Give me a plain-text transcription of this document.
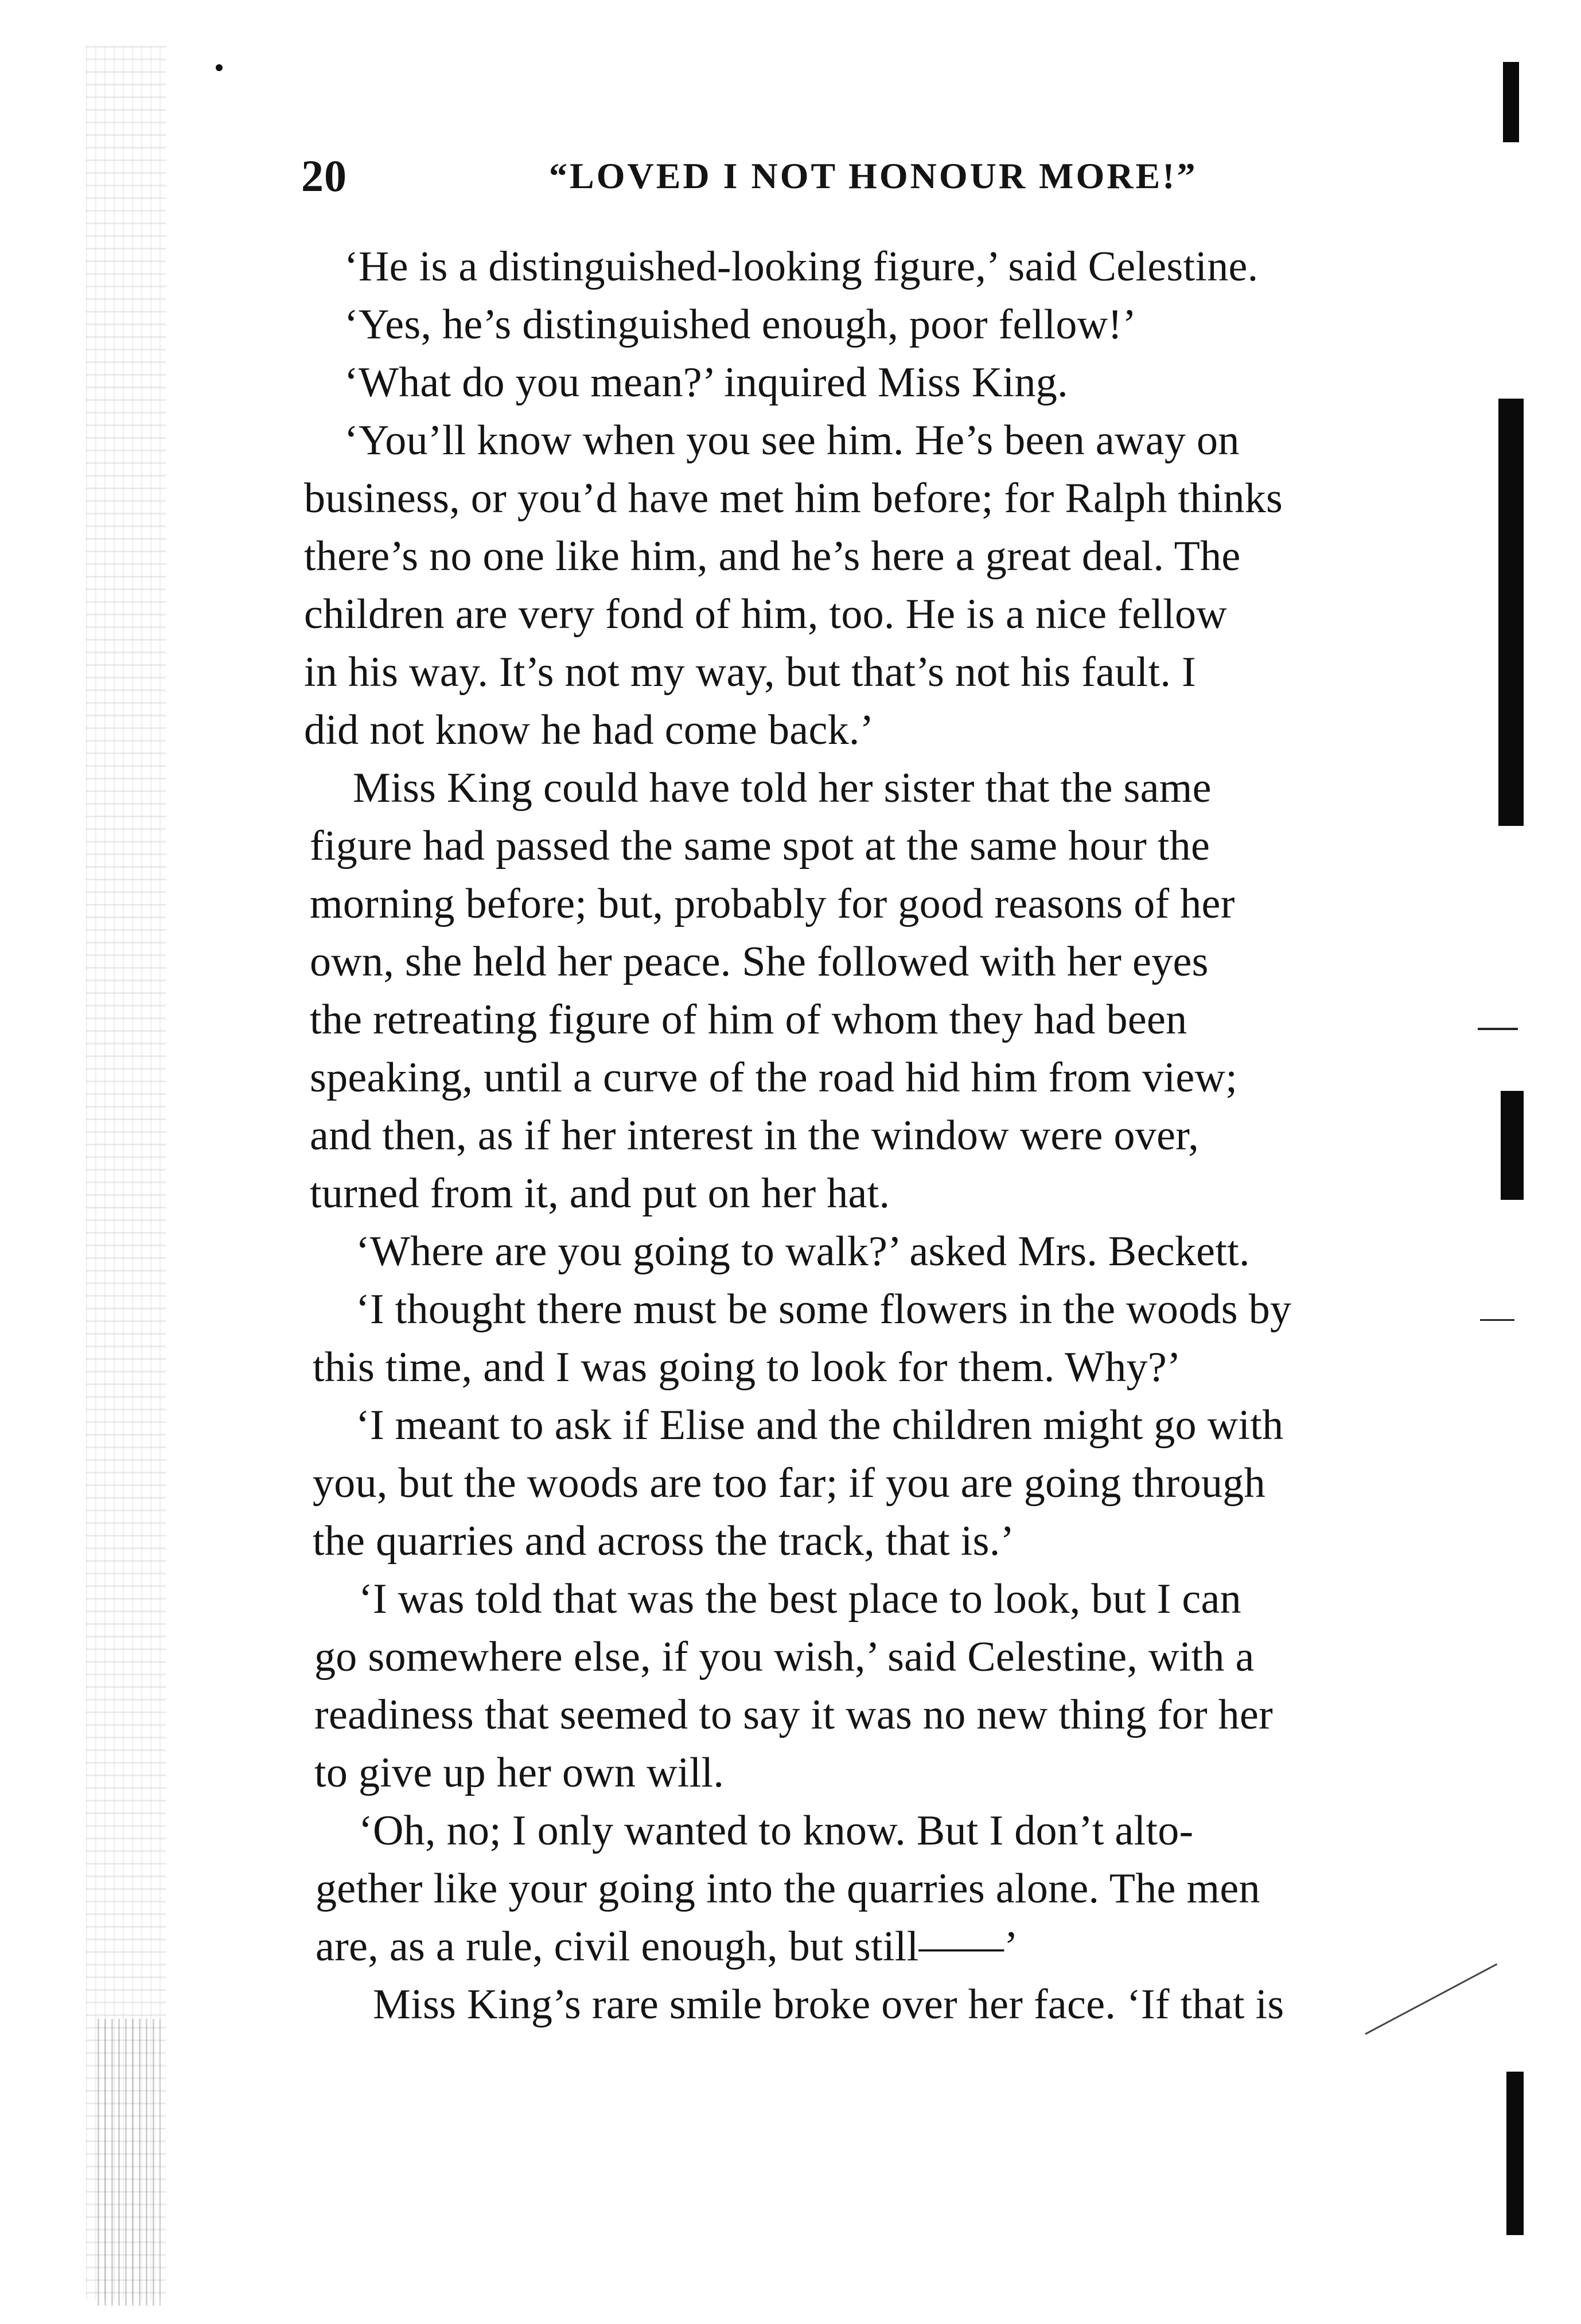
20	“LOVED I NOT HONOUR MORE!”
‘He is a distinguished-looking figure,’ said Celestine.
‘Yes, he’s distinguished enough, poor fellow!’
‘What do you mean?’ inquired Miss King.
‘You’ll know when you see him. He’s been away on
business, or you’d have met him before; for Ralph thinks
there’s no one like him, and he’s here a great deal. The
children are very fond of him, too. He is a nice fellow
in his way. It’s not my way, but that’s not his fault. I
did not know he had come back.’
Miss King could have told her sister that the same
figure had passed the same spot at the same hour the
morning before; but, probably for good reasons of her
own, she held her peace. She followed with her eyes
the retreating figure of him of whom they had been
speaking, until a curve of the road hid him from view;
and then, as if her interest in the window were over,
turned from it, and put on her hat.
‘Where are you going to walk?’ asked Mrs. Beckett.
‘I thought there must be some flowers in the woods by
this time, and I was going to look for them. Why?’
‘I meant to ask if Elise and the children might go with
you, but the woods are too far; if you are going through
the quarries and across the track, that is.’
‘I was told that was the best place to look, but I can
go somewhere else, if you wish,’ said Celestine, with a
readiness that seemed to say it was no new thing for her
to give up her own will.
‘Oh, no; I only wanted to know. But I don’t alto-
gether like your going into the quarries alone. The men
are, as a rule, civil enough, but still——’
Miss King’s rare smile broke over her face. ‘If that is
